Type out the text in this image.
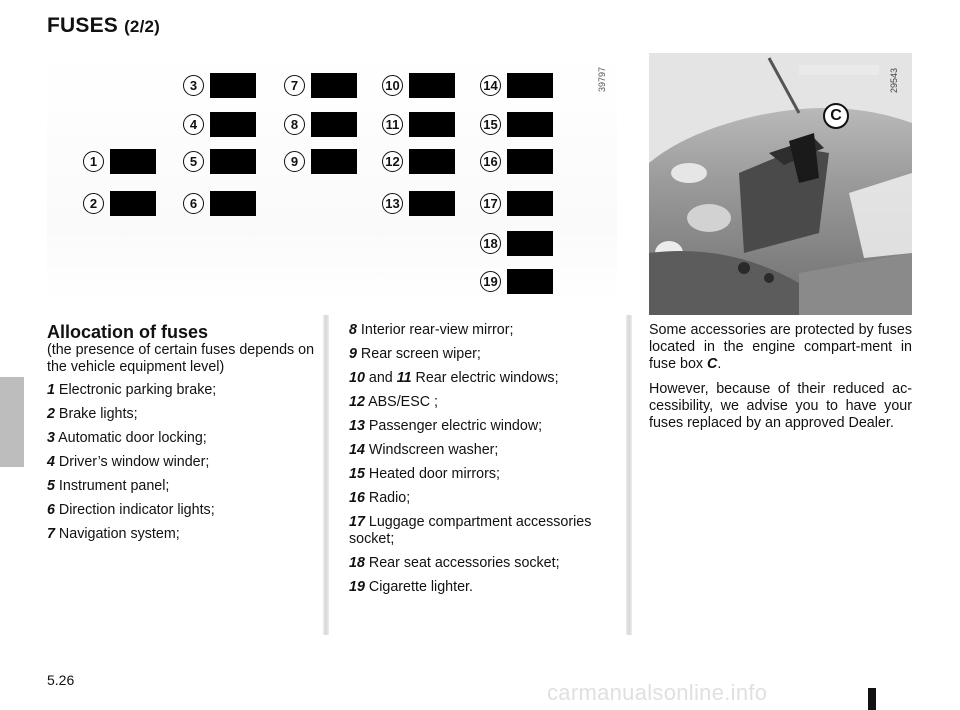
FUSES (2/2)
1
2
3
4
5
6
7
8
9
10
11
12
13
14
15
16
17
18
19
39797
C
29543
Allocation of fuses
(the presence of certain fuses depends on the vehicle equipment level)
1 Electronic parking brake;
2 Brake lights;
3 Automatic door locking;
4 Driver’s window winder;
5 Instrument panel;
6 Direction indicator lights;
7 Navigation system;
8 Interior rear-view mirror;
9 Rear screen wiper;
10 and 11 Rear electric windows;
12 ABS/ESC ;
13 Passenger electric window;
14 Windscreen washer;
15 Heated door mirrors;
16 Radio;
17 Luggage compartment accessories socket;
18 Rear seat accessories socket;
19 Cigarette lighter.

Some accessories are protected by fuses located in the engine compart-ment in fuse box C.

However, because of their reduced ac-cessibility, we advise you to have your fuses replaced by an approved Dealer.

5.26	carmanualsonline.info
